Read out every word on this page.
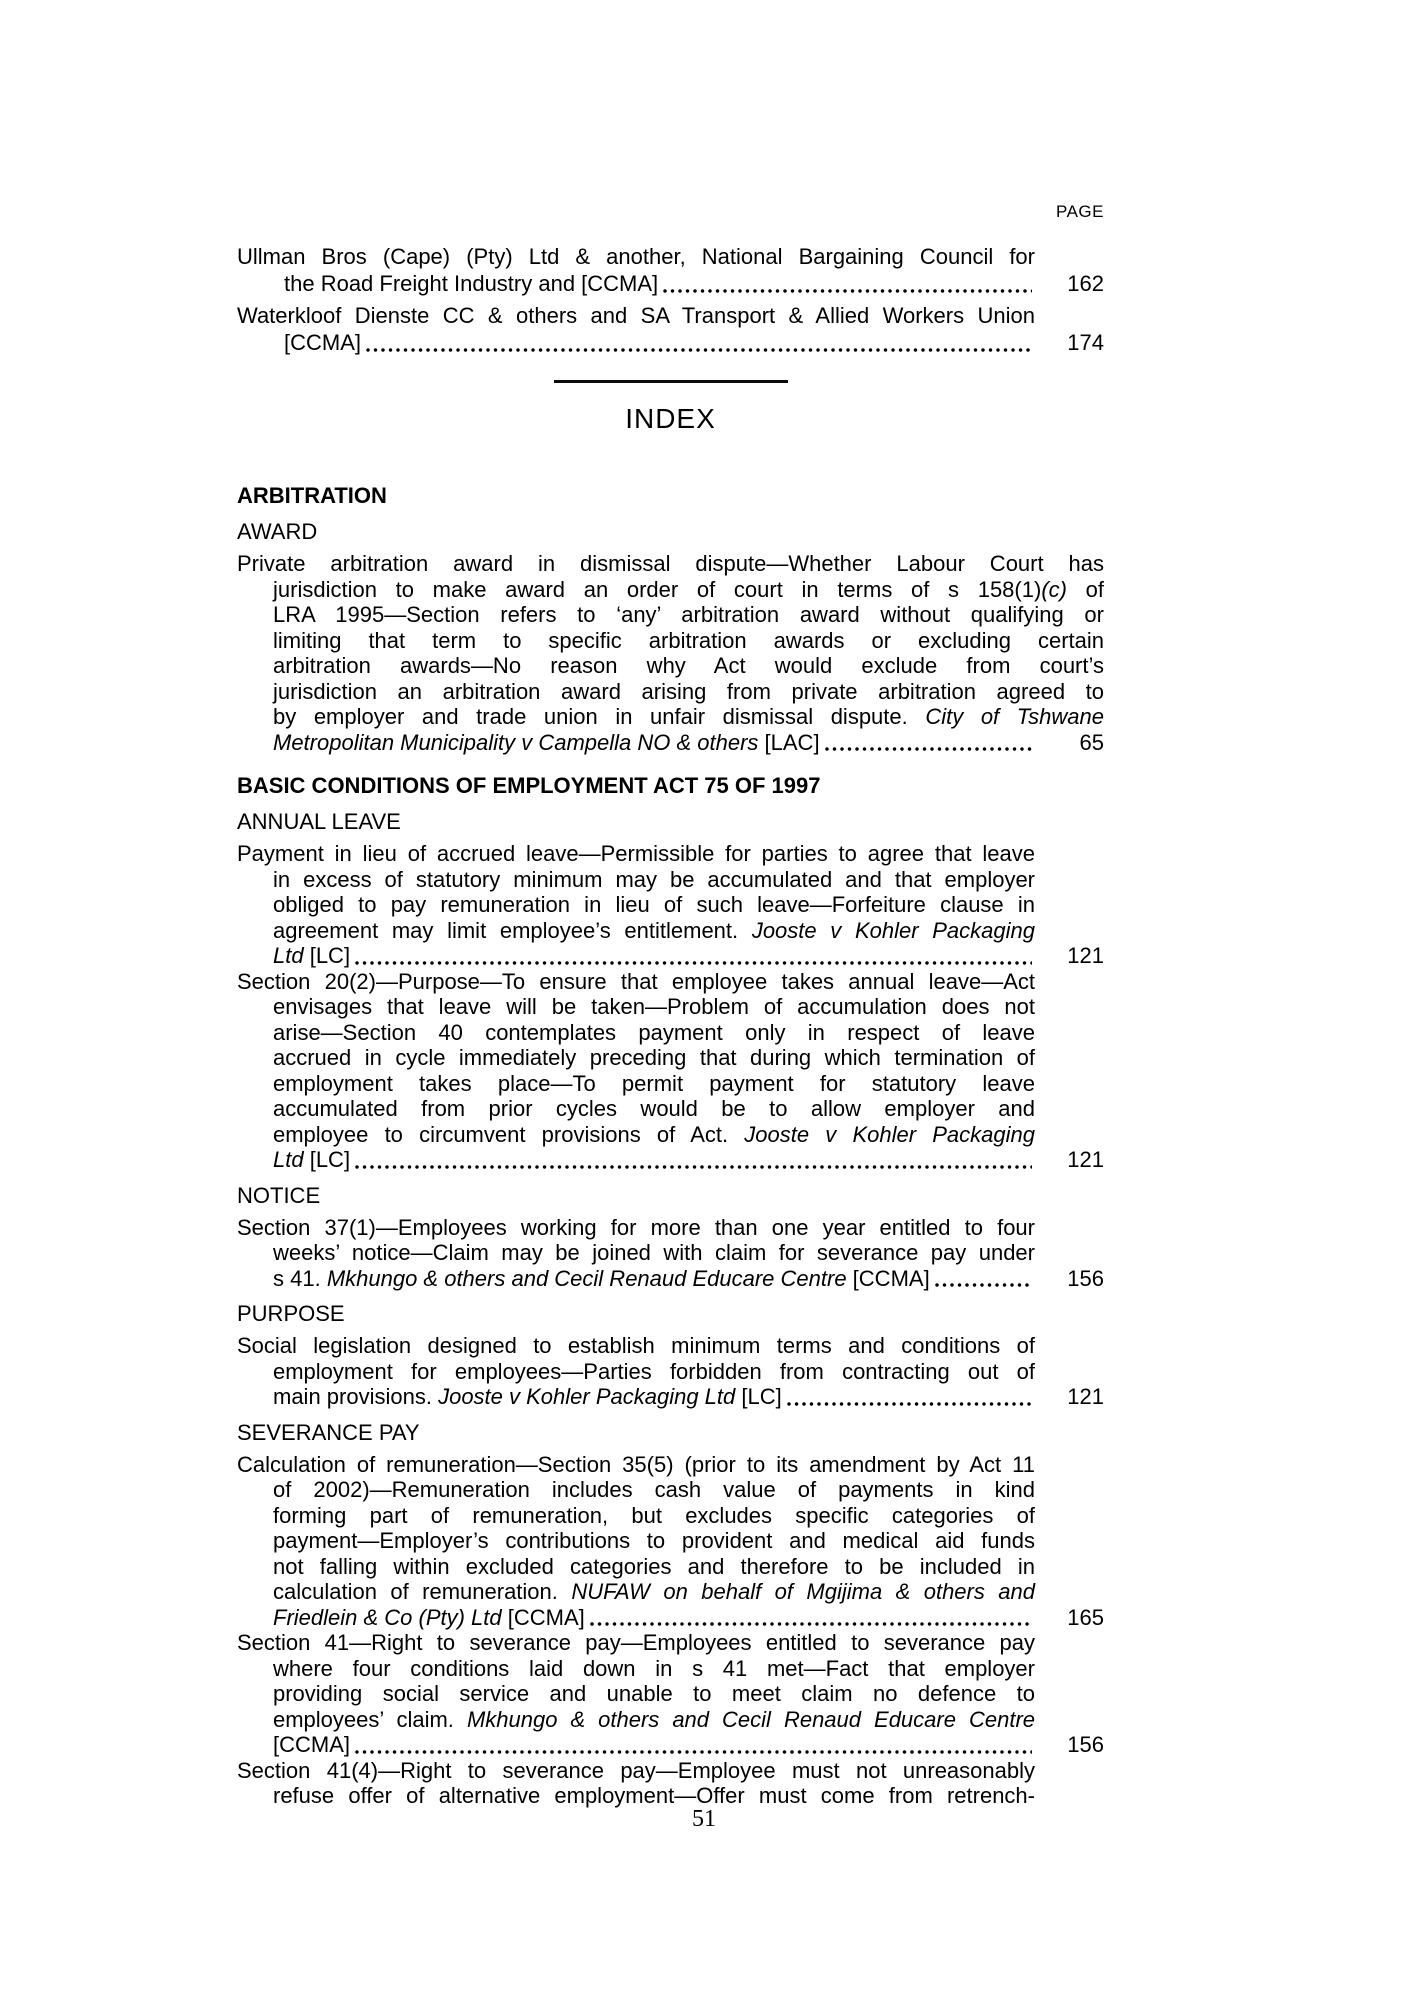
PAGE
Ullman Bros (Cape) (Pty) Ltd & another, National Bargaining Council for
the Road Freight Industry and [CCMA]	162
Waterkloof Dienste CC & others and SA Transport & Allied Workers Union
[CCMA]	174
INDEX
ARBITRATION
AWARD
Private arbitration award in dismissal dispute—Whether Labour Court has
jurisdiction to make award an order of court in terms of s 158(1)(c) of
LRA 1995—Section refers to ‘any’ arbitration award without qualifying or
limiting that term to specific arbitration awards or excluding certain
arbitration awards—No reason why Act would exclude from court’s
jurisdiction an arbitration award arising from private arbitration agreed to
by employer and trade union in unfair dismissal dispute. City of Tshwane
Metropolitan Municipality v Campella NO & others [LAC]	65
BASIC CONDITIONS OF EMPLOYMENT ACT 75 OF 1997
ANNUAL LEAVE
Payment in lieu of accrued leave—Permissible for parties to agree that leave
in excess of statutory minimum may be accumulated and that employer
obliged to pay remuneration in lieu of such leave—Forfeiture clause in
agreement may limit employee’s entitlement. Jooste v Kohler Packaging
Ltd [LC]	121
Section 20(2)—Purpose—To ensure that employee takes annual leave—Act
envisages that leave will be taken—Problem of accumulation does not
arise—Section 40 contemplates payment only in respect of leave
accrued in cycle immediately preceding that during which termination of
employment takes place—To permit payment for statutory leave
accumulated from prior cycles would be to allow employer and
employee to circumvent provisions of Act. Jooste v Kohler Packaging
Ltd [LC]	121
NOTICE
Section 37(1)—Employees working for more than one year entitled to four
weeks’ notice—Claim may be joined with claim for severance pay under
s 41. Mkhungo & others and Cecil Renaud Educare Centre [CCMA]	156
PURPOSE
Social legislation designed to establish minimum terms and conditions of
employment for employees—Parties forbidden from contracting out of
main provisions. Jooste v Kohler Packaging Ltd [LC]	121
SEVERANCE PAY
Calculation of remuneration—Section 35(5) (prior to its amendment by Act 11
of 2002)—Remuneration includes cash value of payments in kind
forming part of remuneration, but excludes specific categories of
payment—Employer’s contributions to provident and medical aid funds
not falling within excluded categories and therefore to be included in
calculation of remuneration. NUFAW on behalf of Mgijima & others and
Friedlein & Co (Pty) Ltd [CCMA]	165
Section 41—Right to severance pay—Employees entitled to severance pay
where four conditions laid down in s 41 met—Fact that employer
providing social service and unable to meet claim no defence to
employees’ claim. Mkhungo & others and Cecil Renaud Educare Centre
[CCMA]	156
Section 41(4)—Right to severance pay—Employee must not unreasonably
refuse offer of alternative employment—Offer must come from retrench-
51
